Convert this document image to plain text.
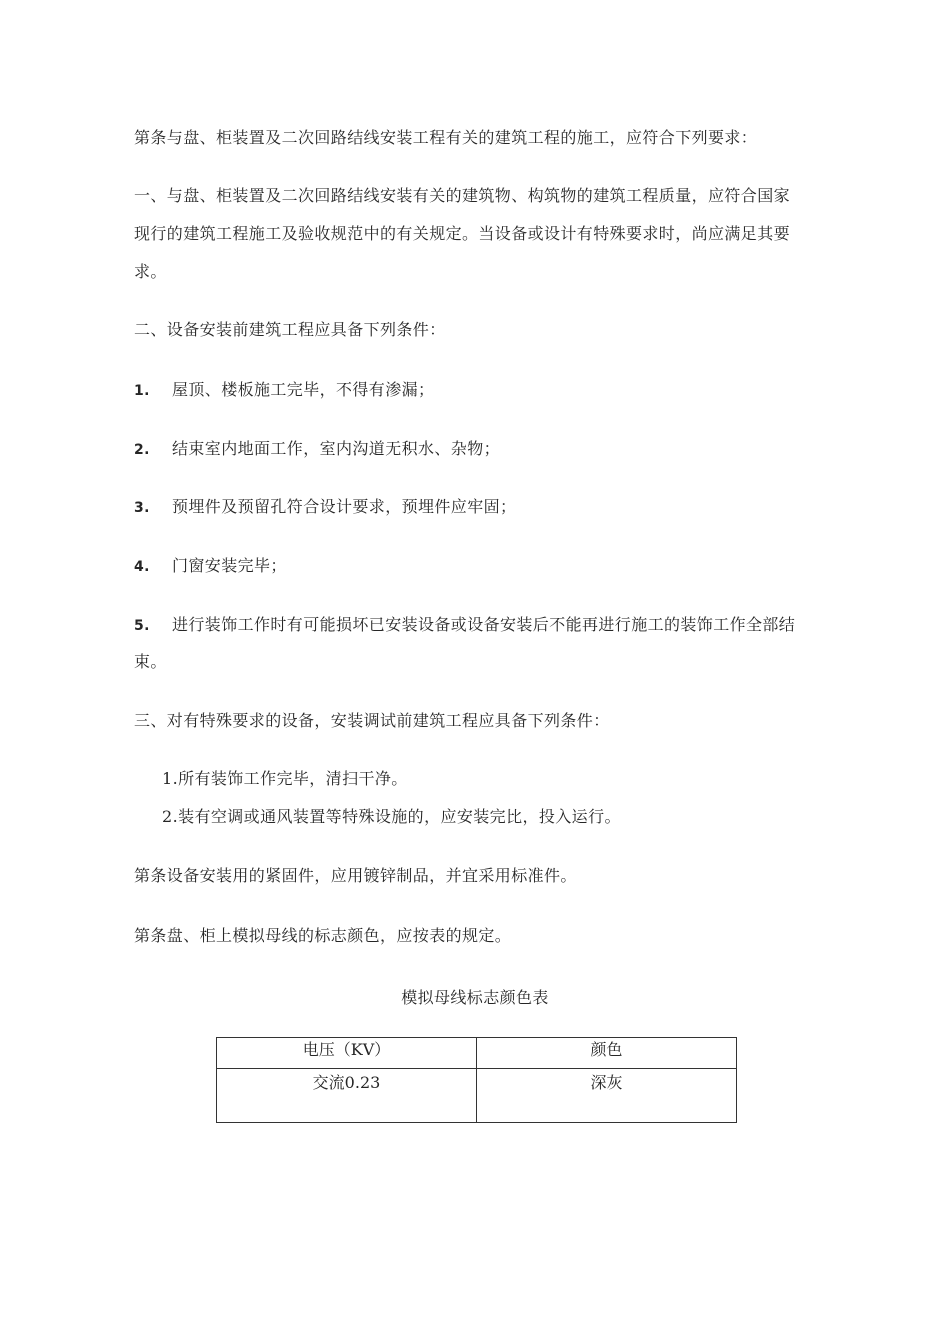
第条与盘、柜装置及二次回路结线安装工程有关的建筑工程的施工，应符合下列要求：
一、与盘、柜装置及二次回路结线安装有关的建筑物、构筑物的建筑工程质量，应符合国家
现行的建筑工程施工及验收规范中的有关规定。当设备或设计有特殊要求时，尚应满足其要
求。
二、设备安装前建筑工程应具备下列条件：
1. 屋顶、楼板施工完毕，不得有渗漏；
2. 结束室内地面工作，室内沟道无积水、杂物；
3. 预埋件及预留孔符合设计要求，预埋件应牢固；
4. 门窗安装完毕；
5. 进行装饰工作时有可能损坏已安装设备或设备安装后不能再进行施工的装饰工作全部结
束。
三、对有特殊要求的设备，安装调试前建筑工程应具备下列条件：
1.所有装饰工作完毕，清扫干净。
2.装有空调或通风装置等特殊设施的，应安装完比，投入运行。
第条设备安装用的紧固件，应用镀锌制品，并宜采用标准件。
第条盘、柜上模拟母线的标志颜色，应按表的规定。
模拟母线标志颜色表
电压（KV）	颜色
交流0.23	深灰
